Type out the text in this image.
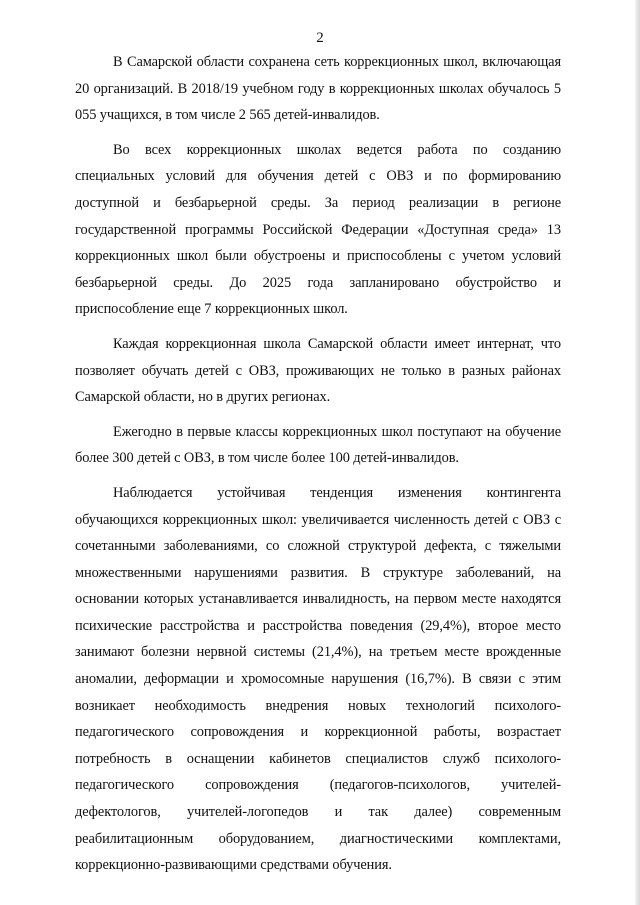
2

В Самарской области сохранена сеть коррекционных школ, включающая 20 организаций. В 2018/19 учебном году в коррекционных школах обучалось 5 055 учащихся, в том числе 2 565 детей-инвалидов.

Во всех коррекционных школах ведется работа по созданию специальных условий для обучения детей с ОВЗ и по формированию доступной и безбарьерной среды. За период реализации в регионе государственной программы Российской Федерации «Доступная среда» 13 коррекционных школ были обустроены и приспособлены с учетом условий безбарьерной среды. До 2025 года запланировано обустройство и приспособление еще 7 коррекционных школ.

Каждая коррекционная школа Самарской области имеет интернат, что позволяет обучать детей с ОВЗ, проживающих не только в разных районах Самарской области, но в других регионах.

Ежегодно в первые классы коррекционных школ поступают на обучение более 300 детей с ОВЗ, в том числе более 100 детей-инвалидов.

Наблюдается устойчивая тенденция изменения контингента обучающихся коррекционных школ: увеличивается численность детей с ОВЗ с сочетанными заболеваниями, со сложной структурой дефекта, с тяжелыми множественными нарушениями развития. В структуре заболеваний, на основании которых устанавливается инвалидность, на первом месте находятся психические расстройства и расстройства поведения (29,4%), второе место занимают болезни нервной системы (21,4%), на третьем месте врожденные аномалии, деформации и хромосомные нарушения (16,7%). В связи с этим возникает необходимость внедрения новых технологий психолого-педагогического сопровождения и коррекционной работы, возрастает потребность в оснащении кабинетов специалистов служб психолого-педагогического сопровождения (педагогов-психологов, учителей-дефектологов, учителей-логопедов и так далее) современным реабилитационным оборудованием, диагностическими комплектами, коррекционно-развивающими средствами обучения.
